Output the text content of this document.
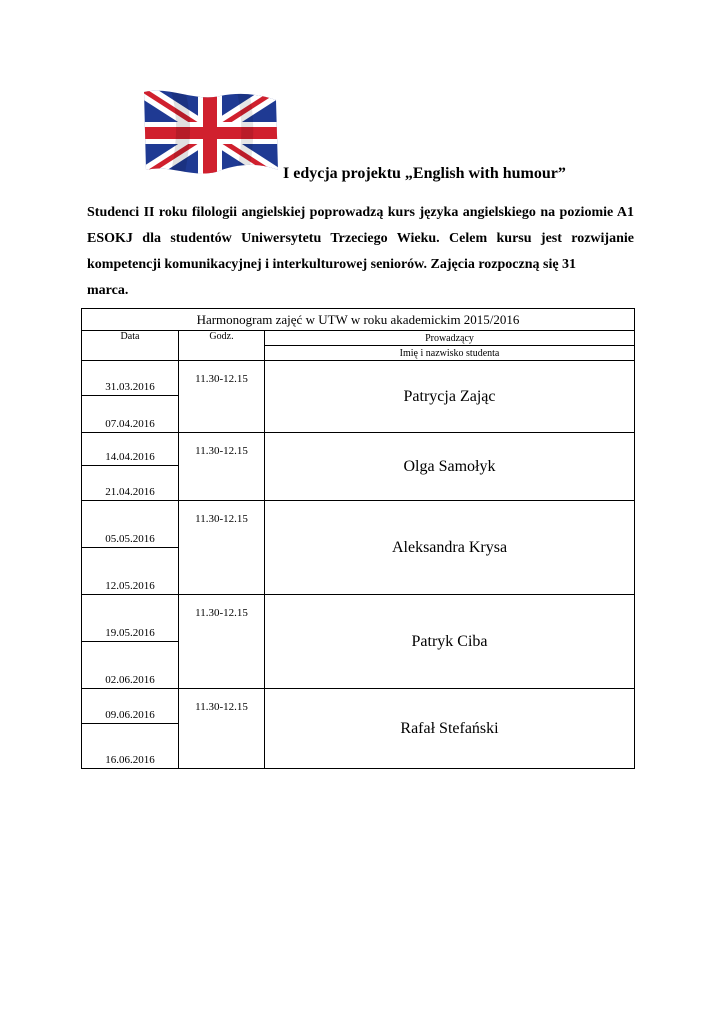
I edycja projektu „English with humour”
Studenci II roku filologii angielskiej poprowadzą kurs języka angielskiego na poziomie A1 ESOKJ dla studentów Uniwersytetu Trzeciego Wieku. Celem kursu jest rozwijanie kompetencji komunikacyjnej i interkulturowej seniorów. Zajęcia rozpoczną się 31
marca.
Harmonogram zajęć w UTW w roku akademickim 2015/2016		
Data	Godz.	Prowadzący
		Imię i nazwisko studenta
31.03.2016	11.30-12.15	Patrycja Zając
07.04.2016		
14.04.2016	11.30-12.15	Olga Samołyk
21.04.2016		
05.05.2016	11.30-12.15	Aleksandra Krysa
12.05.2016		
19.05.2016	11.30-12.15	Patryk Ciba
02.06.2016		
09.06.2016	11.30-12.15	Rafał Stefański
16.06.2016		
